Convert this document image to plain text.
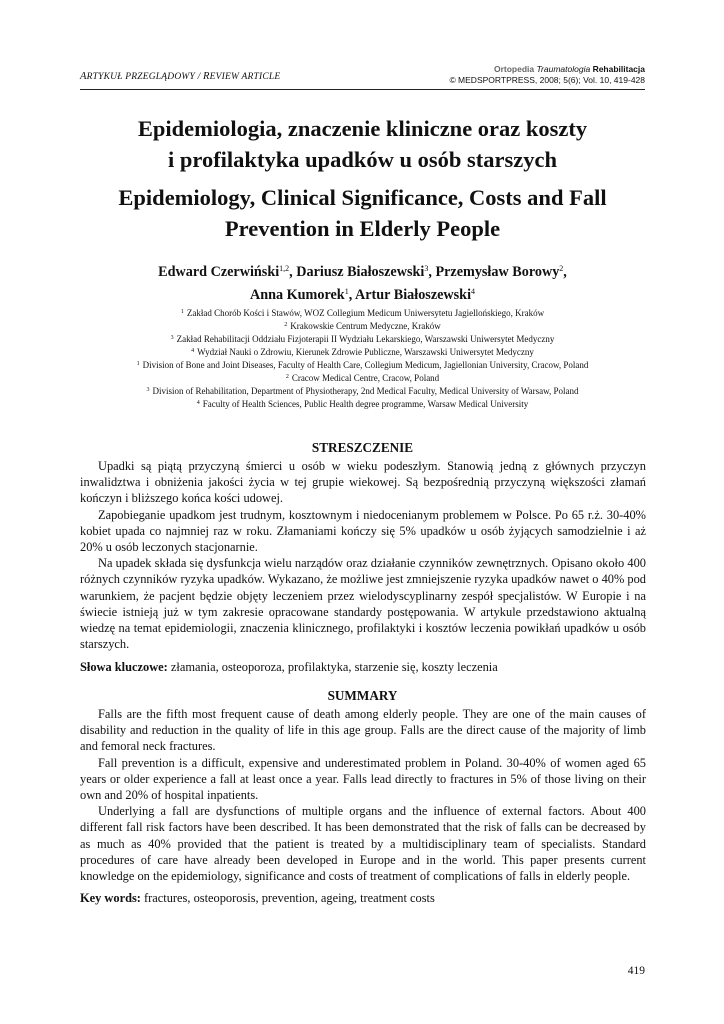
ARTYKUŁ PRZEGLĄDOWY / REVIEW ARTICLE
Ortopedia Traumatologia Rehabilitacja
© MEDSPORTPRESS, 2008; 5(6); Vol. 10, 419-428
Epidemiologia, znaczenie kliniczne oraz koszty
i profilaktyka upadków u osób starszych
Epidemiology, Clinical Significance, Costs and Fall
Prevention in Elderly People
Edward Czerwiński$^{1,2}$, Dariusz Białoszewski$^3$, Przemysław Borowy$^2$,
Anna Kumorek$^1$, Artur Białoszewski$^4$
$^1$ Zakład Chorób Kości i Stawów, WOZ Collegium Medicum Uniwersytetu Jagiellońskiego, Kraków
$^2$ Krakowskie Centrum Medyczne, Kraków
$^3$ Zakład Rehabilitacji Oddziału Fizjoterapii II Wydziału Lekarskiego, Warszawski Uniwersytet Medyczny
$^4$ Wydział Nauki o Zdrowiu, Kierunek Zdrowie Publiczne, Warszawski Uniwersytet Medyczny
$^1$ Division of Bone and Joint Diseases, Faculty of Health Care, Collegium Medicum, Jagiellonian University, Cracow, Poland
$^2$ Cracow Medical Centre, Cracow, Poland
$^3$ Division of Rehabilitation, Department of Physiotherapy, 2nd Medical Faculty, Medical University of Warsaw, Poland
$^4$ Faculty of Health Sciences, Public Health degree programme, Warsaw Medical University
STRESZCZENIE

Upadki są piątą przyczyną śmierci u osób w wieku podeszłym. Stanowią jedną z głównych przyczyn inwalidztwa i obniżenia jakości życia w tej grupie wiekowej. Są bezpośrednią przyczyną większości złamań kończyn i bliższego końca kości udowej.

Zapobieganie upadkom jest trudnym, kosztownym i niedocenianym problemem w Polsce. Po 65 r.ż. 30-40% kobiet upada co najmniej raz w roku. Złamaniami kończy się 5% upadków u osób żyjących samodzielnie i aż 20% u osób leczonych stacjonarnie.

Na upadek składa się dysfunkcja wielu narządów oraz działanie czynników zewnętrznych. Opisano około 400 różnych czynników ryzyka upadków. Wykazano, że możliwe jest zmniejszenie ryzyka upadków nawet o 40% pod warunkiem, że pacjent będzie objęty leczeniem przez wielodyscyplinarny zespół specjalistów. W Europie i na świecie istnieją już w tym zakresie opracowane standardy postępowania. W artykule przedstawiono aktualną wiedzę na temat epidemiologii, znaczenia klinicznego, profilaktyki i kosztów leczenia powikłań upadków u osób starszych.

Słowa kluczowe: złamania, osteoporoza, profilaktyka, starzenie się, koszty leczenia
SUMMARY

Falls are the fifth most frequent cause of death among elderly people. They are one of the main causes of disability and reduction in the quality of life in this age group. Falls are the direct cause of the majority of limb and femoral neck fractures.

Fall prevention is a difficult, expensive and underestimated problem in Poland. 30-40% of women aged 65 years or older experience a fall at least once a year. Falls lead directly to fractures in 5% of those living on their own and 20% of hospital inpatients.

Underlying a fall are dysfunctions of multiple organs and the influence of external factors. About 400 different fall risk factors have been described. It has been demonstrated that the risk of falls can be decreased by as much as 40% provided that the patient is treated by a multidisciplinary team of specialists. Standard procedures of care have already been developed in Europe and in the world. This paper presents current knowledge on the epidemiology, significance and costs of treatment of complications of falls in elderly people.

Key words: fractures, osteoporosis, prevention, ageing, treatment costs
419
